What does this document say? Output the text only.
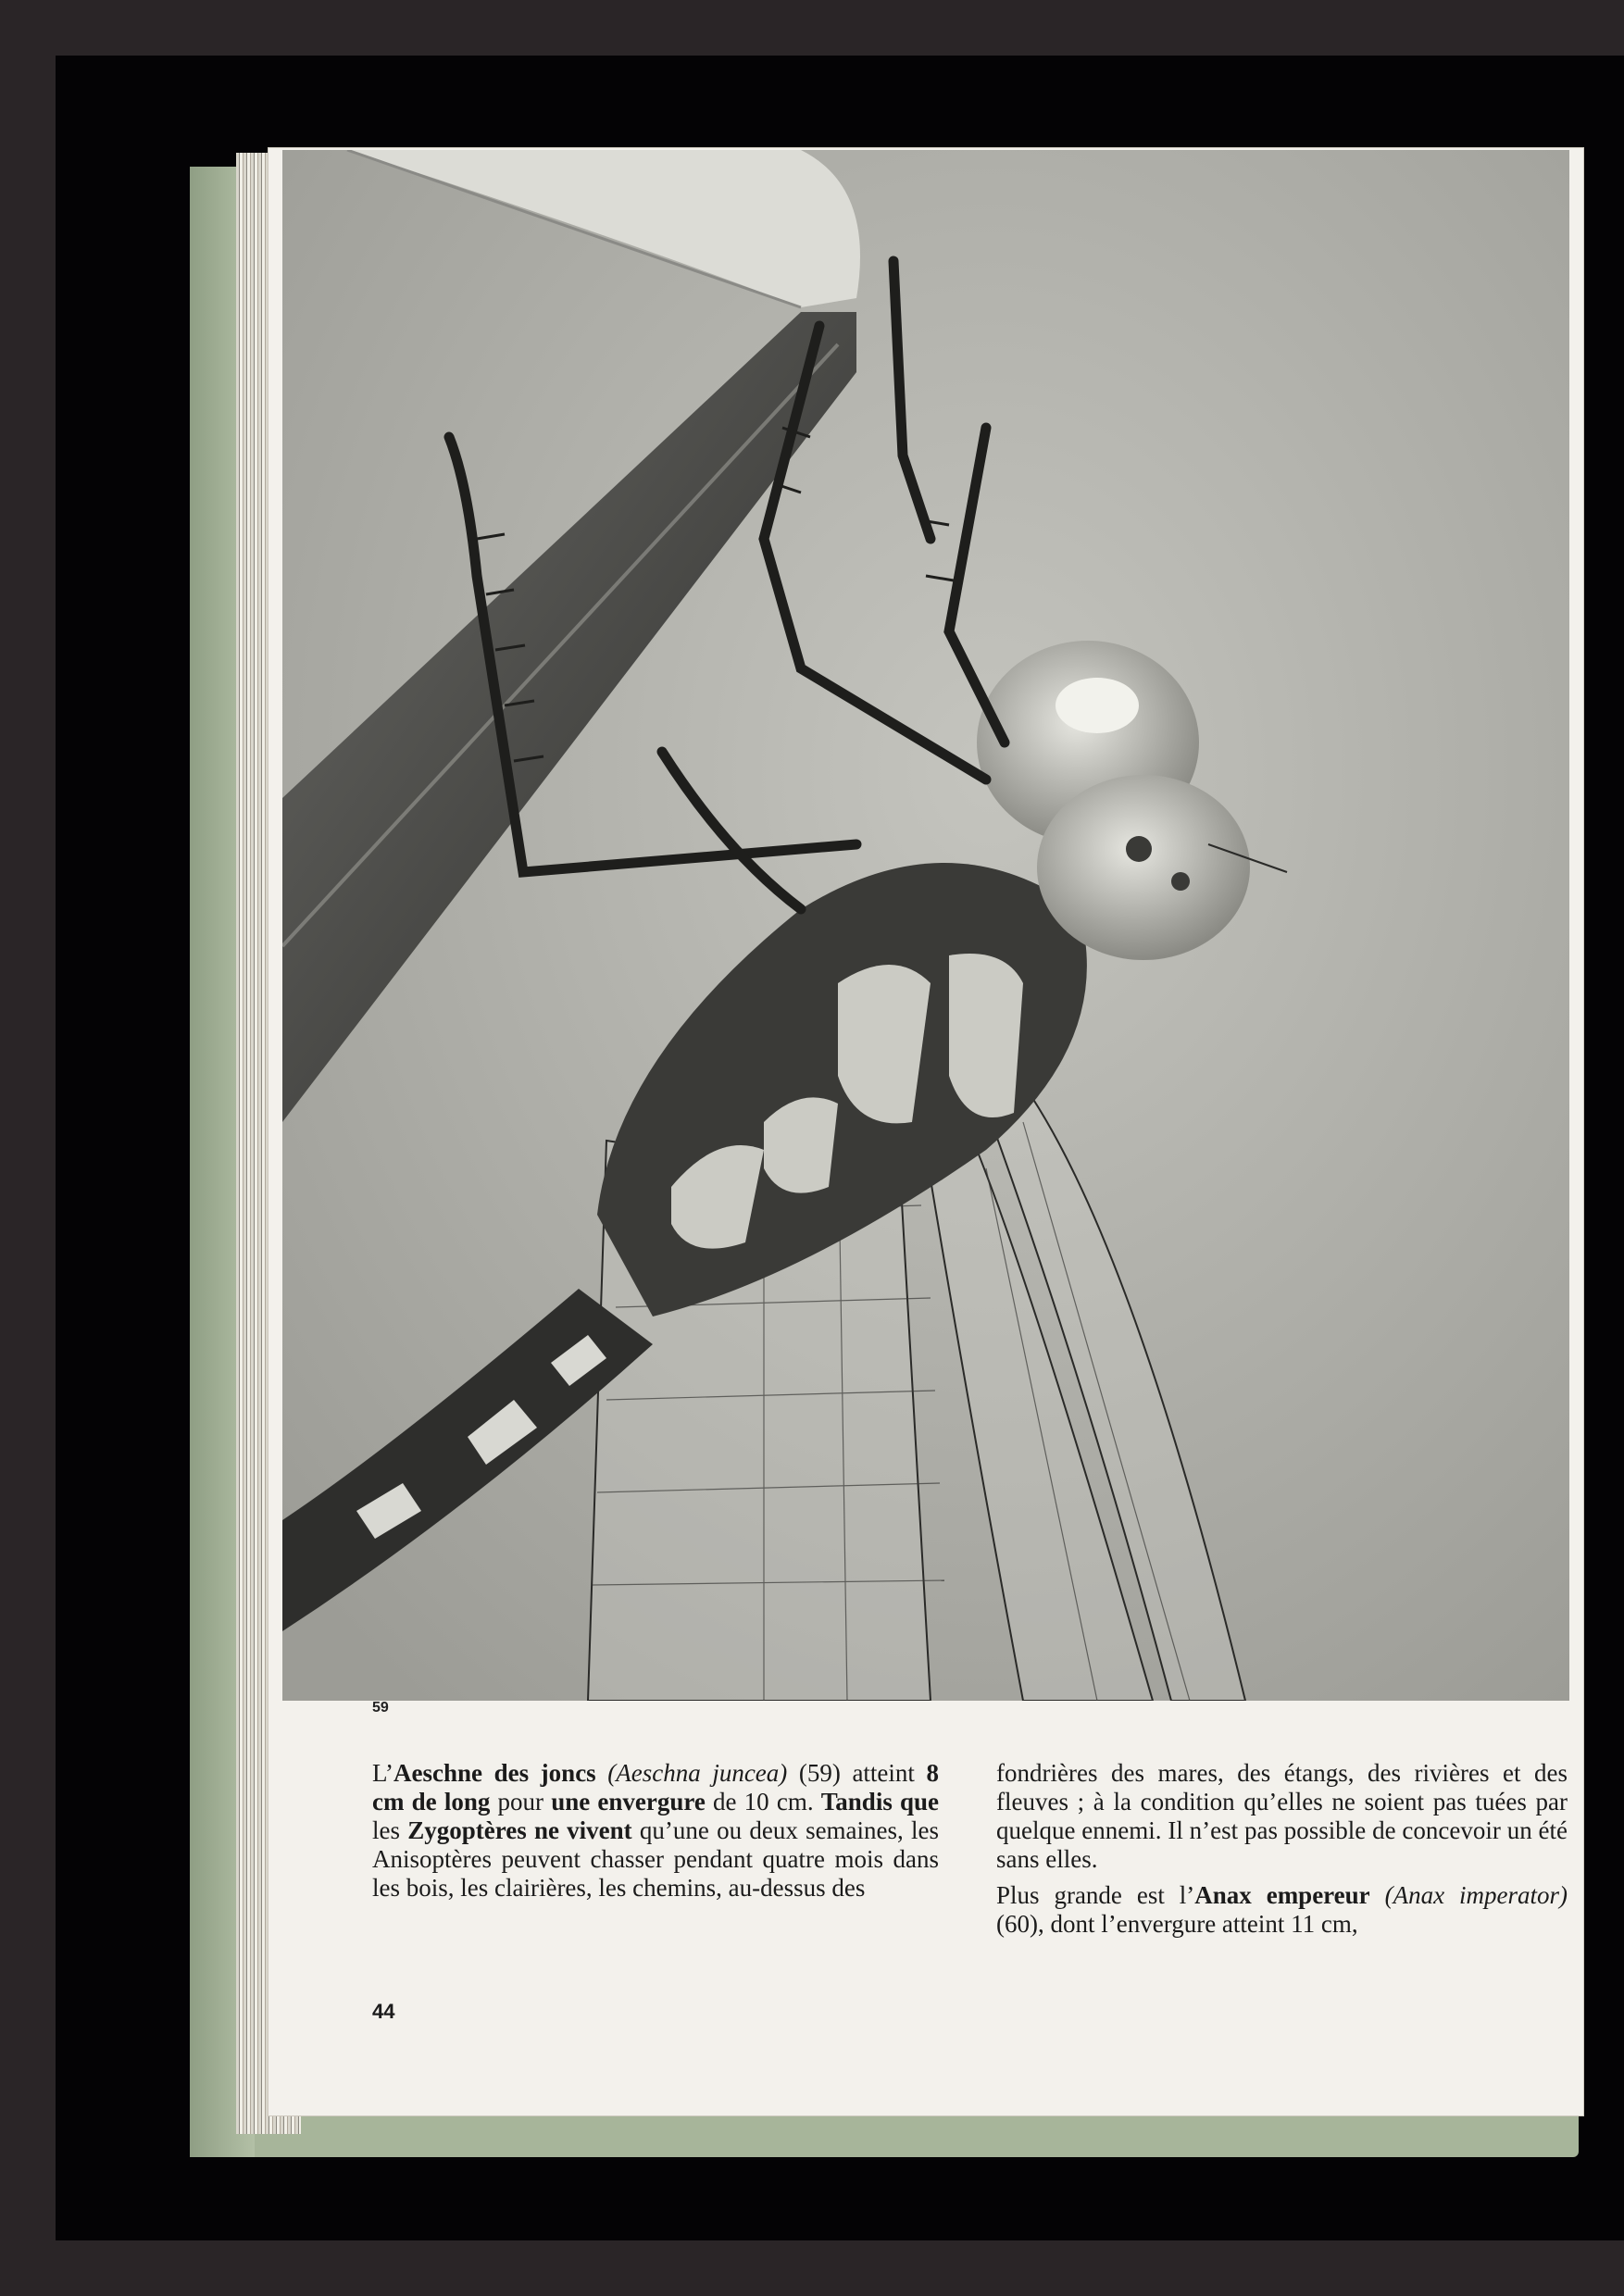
59

L’Aeschne des joncs (Aeschna juncea) (59) atteint 8 cm de long pour une envergure de 10 cm. Tandis que les Zygoptères ne vivent qu’une ou deux semaines, les Anisoptères peuvent chasser pendant quatre mois dans les bois, les clairières, les chemins, au-dessus des

fondrières des mares, des étangs, des rivières et des fleuves ; à la condition qu’elles ne soient pas tuées par quelque ennemi. Il n’est pas possible de concevoir un été sans elles.

Plus grande est l’Anax empereur (Anax imperator) (60), dont l’envergure atteint 11 cm,

44
